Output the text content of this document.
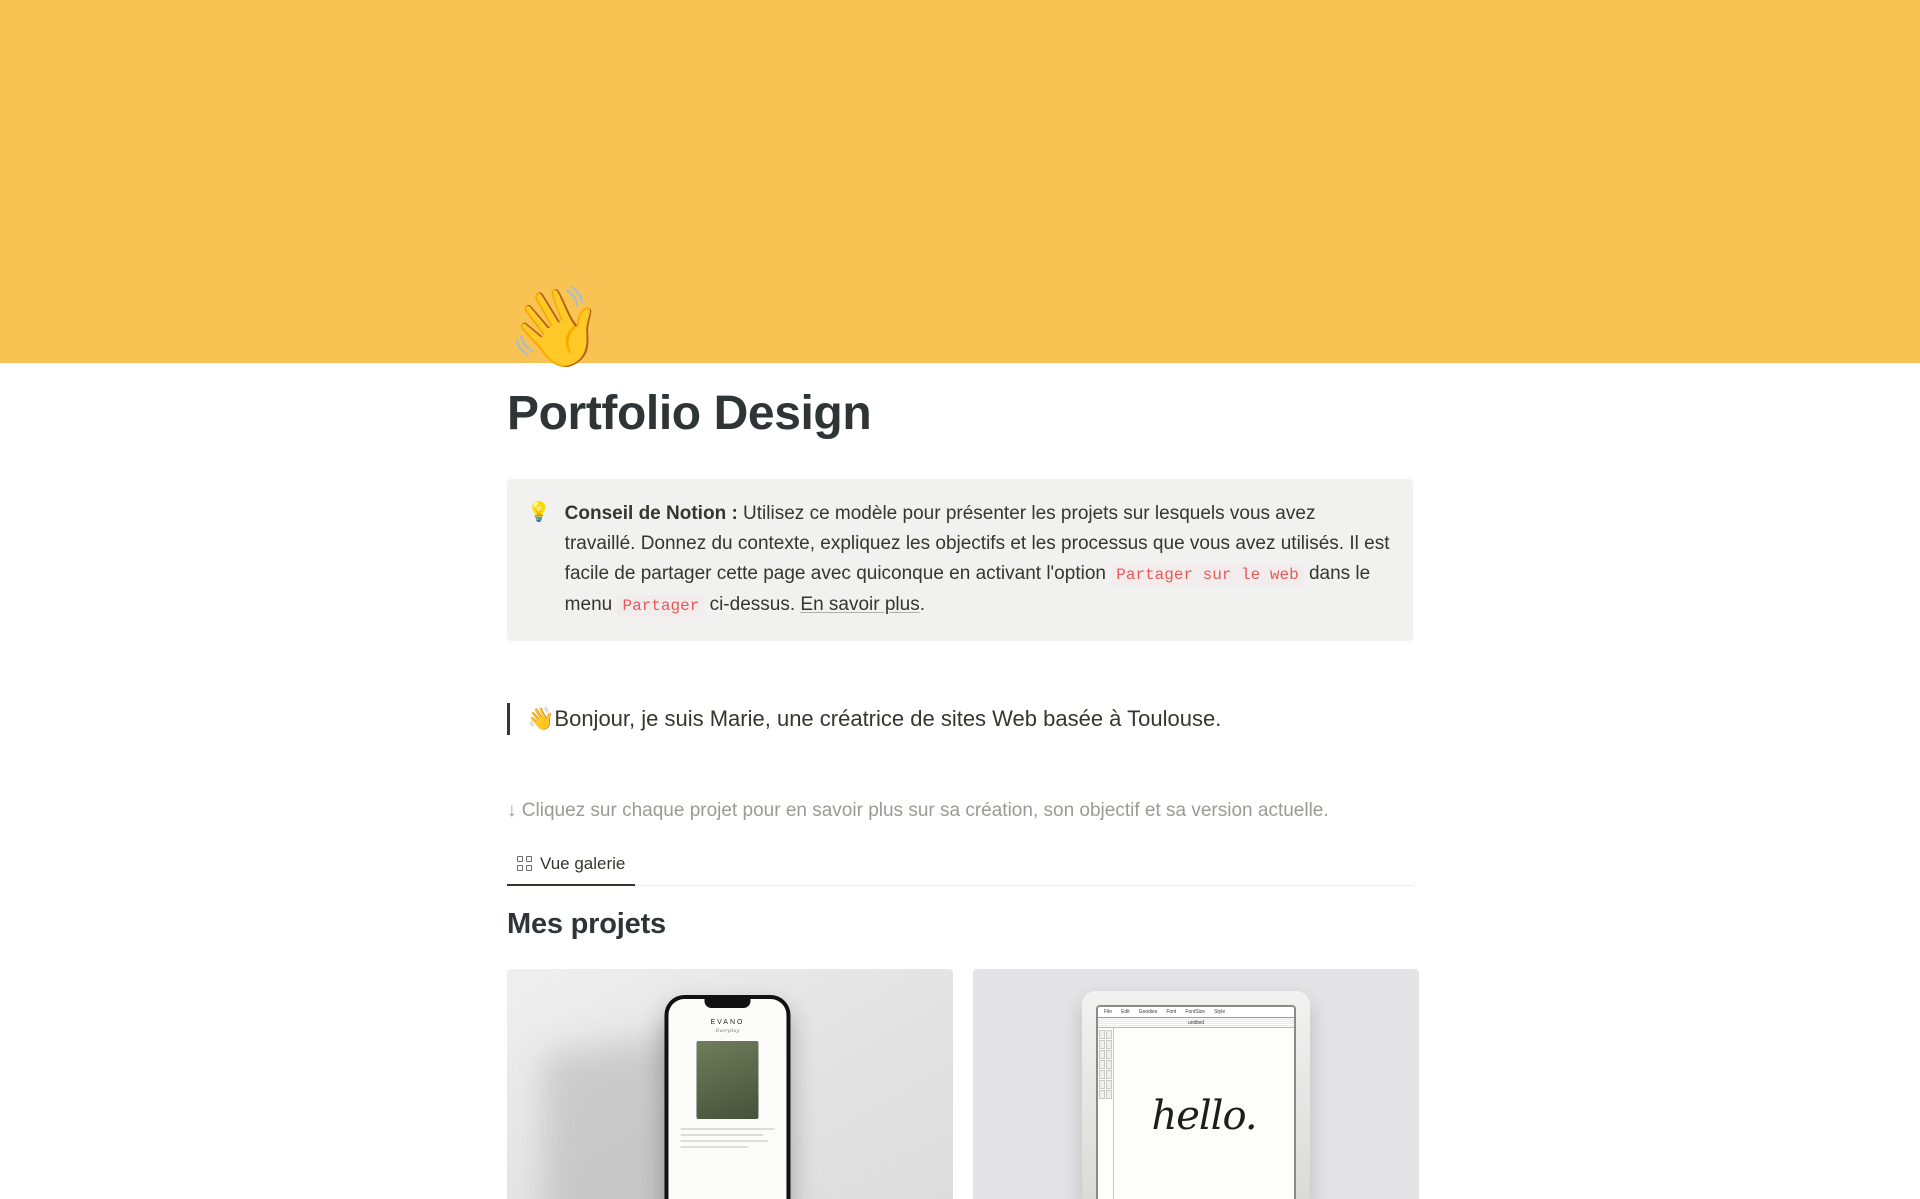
👋
Portfolio Design
💡 Conseil de Notion : Utilisez ce modèle pour présenter les projets sur lesquels vous avez travaillé. Donnez du contexte, expliquez les objectifs et les processus que vous avez utilisés. Il est facile de partager cette page avec quiconque en activant l'option Partager sur le web dans le menu Partager ci-dessus. En savoir plus.
👋Bonjour, je suis Marie, une créatrice de sites Web basée à Toulouse.

↓ Cliquez sur chaque projet pour en savoir plus sur sa création, son objectif et sa version actuelle.

Vue galerie
Mes projets
EVANO
Everyday
File Edit Goodies Font FontSize Style
untitled
hello.
